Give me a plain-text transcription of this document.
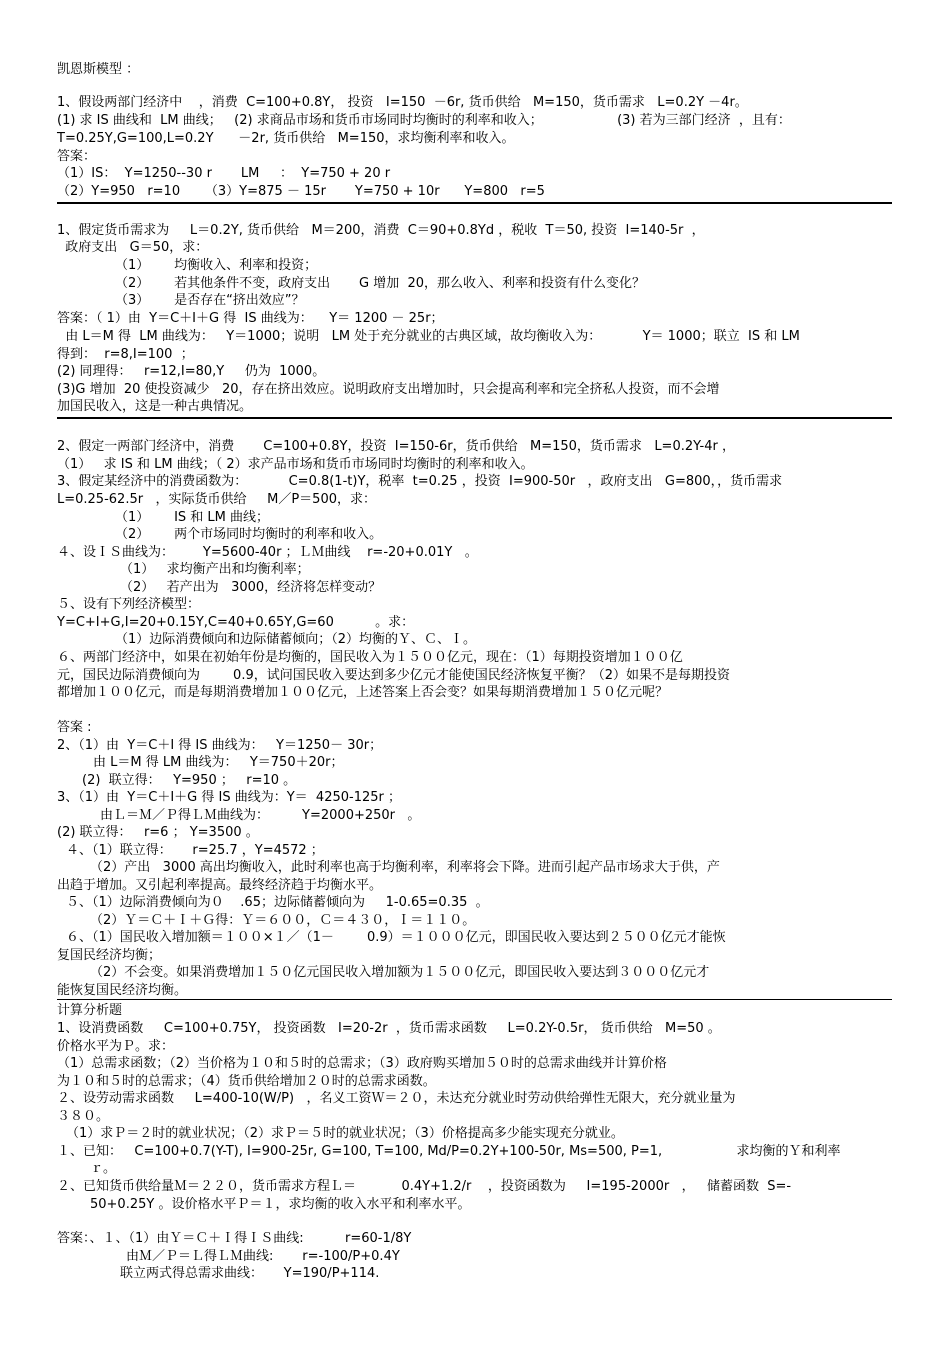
凯恩斯模型 ：
1、假设两部门经济中    ，消费  C=100+0.8Y， 投资   I=150  －6r, 货币供给   M=150，货币需求   L=0.2Y －4r。
(1) 求 IS 曲线和  LM 曲线；   (2) 求商品市场和货币市场同时均衡时的利率和收入；                  (3) 若为三部门经济  ，且有：
T=0.25Y,G=100,L=0.2Y      －2r, 货币供给   M=150，求均衡利率和收入。
答案：
（1）IS：  Y=1250--30 r       LM     ：  Y=750 + 20 r
（2）Y=950   r=10      （3）Y=875 － 15r       Y=750 + 10r      Y=800   r=5
1、假定货币需求为     L＝0.2Y, 货币供给   M＝200，消费  C＝90+0.8Yd ，税收  T＝50, 投资  I=140-5r  ，
政府支出   G＝50，求：
（1）      均衡收入、利率和投资；
（2）      若其他条件不变，政府支出       G 增加  20，那么收入、利率和投资有什么变化？
（3）      是否存在“挤出效应”？
答案：（ 1）由  Y＝C＋I＋G 得  IS 曲线为：    Y＝ 1200 － 25r；
由 L＝M 得  LM 曲线为：   Y＝1000；说明   LM 处于充分就业的古典区域，故均衡收入为：          Y＝ 1000；联立  IS 和 LM
得到：  r=8,I=100  ；
(2) 同理得：   r=12,I=80,Y     仍为  1000。
(3)G 增加  20 使投资减少   20，存在挤出效应。说明政府支出增加时，只会提高利率和完全挤私人投资，而不会增
加国民收入，这是一种古典情况。
2、假定一两部门经济中，消费       C=100+0.8Y，投资  I=150-6r，货币供给   M=150，货币需求   L=0.2Y-4r ，
（1）   求 IS 和 LM 曲线；（ 2）求产品市场和货币市场同时均衡时的利率和收入。
3、假定某经济中的消费函数为：          C=0.8(1-t)Y，税率  t=0.25 ，投资  I=900-50r   ，政府支出   G=800，，货币需求
L=0.25-62.5r   ，实际货币供给     M／P＝500，求：
（1）      IS 和 LM 曲线；
（2）      两个市场同时均衡时的利率和收入。
４、设ＩＳ曲线为：       Y=5600-40r ；ＬＭ曲线    r=-20+0.01Y   。
（1）   求均衡产出和均衡利率；
（2）   若产出为   3000，经济将怎样变动？
５、设有下列经济模型：
Y=C+I+G,I=20+0.15Y,C=40+0.65Y,G=60          。求：
（1）边际消费倾向和边际储蓄倾向；（2）均衡的Ｙ、Ｃ、Ｉ。
６、两部门经济中，如果在初始年份是均衡的，国民收入为１５００亿元，现在：（1）每期投资增加１００亿
元，国民边际消费倾向为        0.9，试问国民收入要达到多少亿元才能使国民经济恢复平衡？（2）如果不是每期投资
都增加１００亿元，而是每期消费增加１００亿元，上述答案上否会变？如果每期消费增加１５０亿元呢？
答案 :
2、（1）由  Y＝C＋I 得 IS 曲线为：   Y＝1250－ 30r；
由 L＝M 得 LM 曲线为：   Y＝750＋20r；
(2)  联立得：   Y=950 ；   r=10 。
3、（1）由  Y＝C＋I＋G 得 IS 曲线为：Y＝  4250-125r ；
由Ｌ＝Ｍ／Ｐ得ＬＭ曲线为：        Y=2000+250r   。
(2) 联立得：   r=6 ； Y=3500 。
４、（1）联立得：     r=25.7 ，Y=4572 ；
（2）产出   3000 高出均衡收入，此时利率也高于均衡利率，利率将会下降。进而引起产品市场求大于供，产
出趋于增加。又引起利率提高。最终经济趋于均衡水平。
５、（1）边际消费倾向为０    .65；边际储蓄倾向为     1-0.65=0.35  。
（2）Ｙ＝Ｃ＋Ｉ＋Ｇ得：Ｙ＝６００，Ｃ＝４３０，Ｉ＝１１０。
６、（1）国民收入增加额＝１００×１／（1－        0.9）＝１０００亿元，即国民收入要达到２５００亿元才能恢
复国民经济均衡；
（2）不会变。如果消费增加１５０亿元国民收入增加额为１５００亿元，即国民收入要达到３０００亿元才
能恢复国民经济均衡。
计算分析题
1、设消费函数     C=100+0.75Y， 投资函数   I=20-2r  ，货币需求函数     L=0.2Y-0.5r， 货币供给   M=50 。
价格水平为Ｐ。求：
（1）总需求函数；（2）当价格为１０和５时的总需求；（3）政府购买增加５０时的总需求曲线并计算价格
为１０和５时的总需求；（4）货币供给增加２０时的总需求函数。
２、设劳动需求函数     L=400-10(W/P)   ，名义工资Ｗ＝２０，未达充分就业时劳动供给弹性无限大，充分就业量为
３８０。
（1）求Ｐ＝２时的就业状况；（2）求Ｐ＝５时的就业状况；（3）价格提高多少能实现充分就业。
１、已知：   C=100+0.7(Y-T), I=900-25r, G=100, T=100, Md/P=0.2Y+100-50r, Ms=500, P=1,                  求均衡的Ｙ和利率
ｒ。
２、已知货币供给量Ｍ＝２２０，货币需求方程Ｌ＝           0.4Y+1.2/r    ，投资函数为     I=195-2000r   ，   储蓄函数  S=-
50+0.25Y 。设价格水平Ｐ＝１，求均衡的收入水平和利率水平。
答案：、１、（1）由Ｙ＝Ｃ＋Ｉ得ＩＳ曲线:          r=60-1/8Y
由Ｍ／Ｐ＝Ｌ得ＬＭ曲线:       r=-100/P+0.4Y
联立两式得总需求曲线：     Y=190/P+114.
